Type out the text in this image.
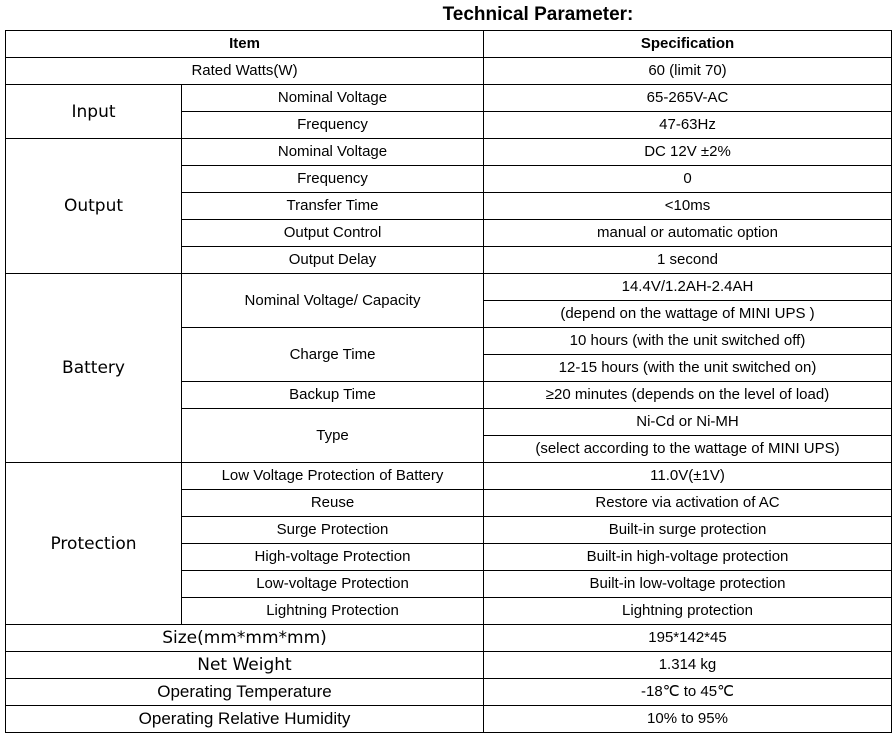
Technical Parameter:
Item		Specification
Rated Watts(W)		60 (limit 70)
Input	Nominal Voltage	65-265V-AC
	Frequency	47-63Hz
Output	Nominal Voltage	DC 12V ±2%
	Frequency	0
	Transfer Time	<10ms
	Output Control	manual or automatic option
	Output Delay	1 second
Battery	Nominal Voltage/ Capacity	14.4V/1.2AH-2.4AH
		(depend on the wattage of MINI UPS )
	Charge Time	10 hours (with the unit switched off)
		12-15 hours (with the unit switched on)
	Backup Time	≥20 minutes (depends on the level of load)
	Type	Ni-Cd or Ni-MH
		(select according to the wattage of MINI UPS)
Protection	Low Voltage Protection of Battery	11.0V(±1V)
	Reuse	Restore via activation of AC
	Surge Protection	Built-in surge protection
	High-voltage Protection	Built-in high-voltage protection
	Low-voltage Protection	Built-in low-voltage protection
	Lightning Protection	Lightning protection
Size(mm*mm*mm)		195*142*45
Net Weight		1.314 kg
Operating Temperature		-18℃ to 45℃
Operating Relative Humidity		10% to 95%
